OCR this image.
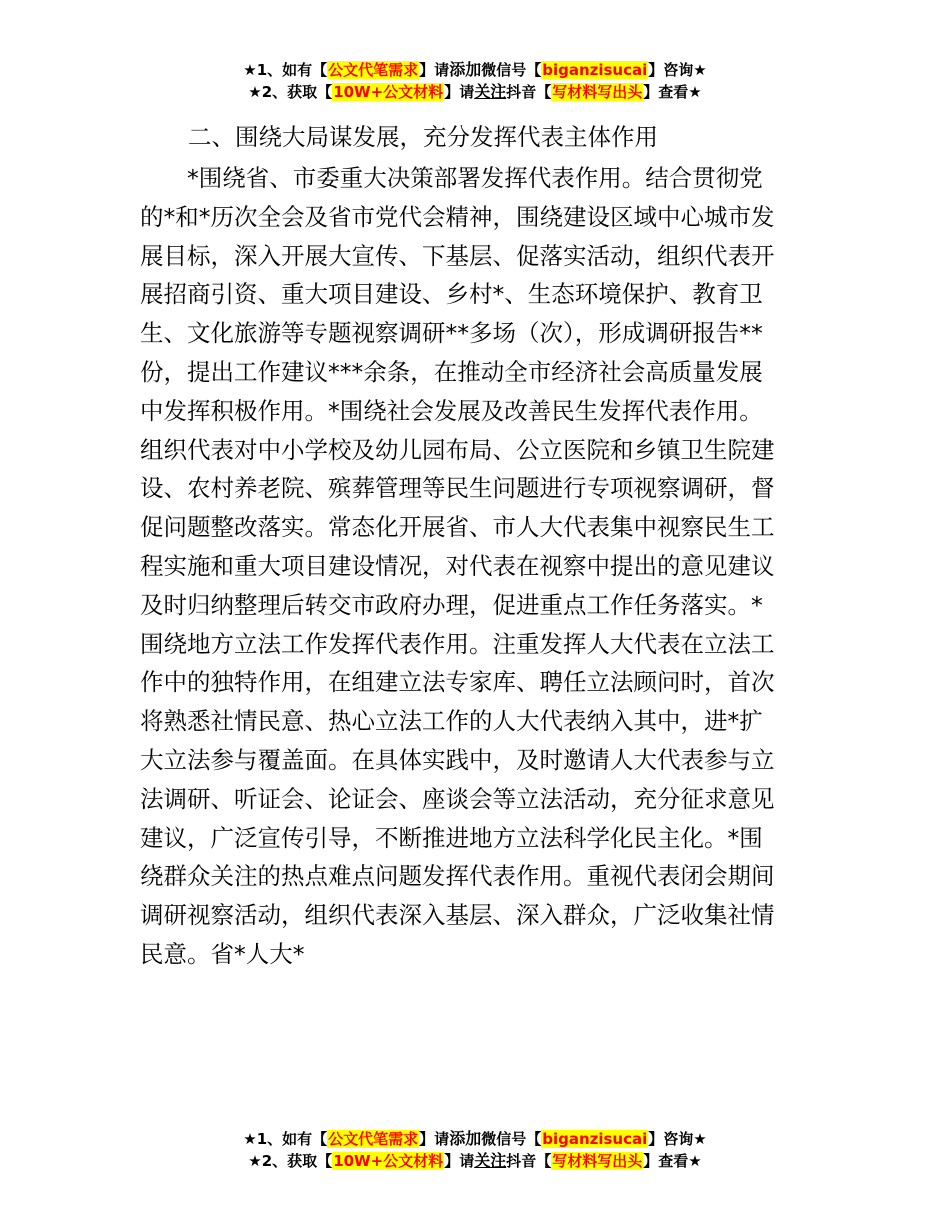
★1、如有【公文代笔需求】请添加微信号【biganzisucai】咨询★
★2、获取【10W+公文材料】请关注抖音【写材料写出头】查看★

二、围绕大局谋发展，充分发挥代表主体作用

*围绕省、市委重大决策部署发挥代表作用。结合贯彻党
的*和*历次全会及省市党代会精神，围绕建设区域中心城市发
展目标，深入开展大宣传、下基层、促落实活动，组织代表开
展招商引资、重大项目建设、乡村*、生态环境保护、教育卫
生、文化旅游等专题视察调研**多场（次），形成调研报告**
份，提出工作建议***余条，在推动全市经济社会高质量发展
中发挥积极作用。*围绕社会发展及改善民生发挥代表作用。
组织代表对中小学校及幼儿园布局、公立医院和乡镇卫生院建
设、农村养老院、殡葬管理等民生问题进行专项视察调研，督
促问题整改落实。常态化开展省、市人大代表集中视察民生工
程实施和重大项目建设情况，对代表在视察中提出的意见建议
及时归纳整理后转交市政府办理，促进重点工作任务落实。*
围绕地方立法工作发挥代表作用。注重发挥人大代表在立法工
作中的独特作用，在组建立法专家库、聘任立法顾问时，首次
将熟悉社情民意、热心立法工作的人大代表纳入其中，进*扩
大立法参与覆盖面。在具体实践中，及时邀请人大代表参与立
法调研、听证会、论证会、座谈会等立法活动，充分征求意见
建议，广泛宣传引导，不断推进地方立法科学化民主化。*围
绕群众关注的热点难点问题发挥代表作用。重视代表闭会期间
调研视察活动，组织代表深入基层、深入群众，广泛收集社情
民意。省*人大*
★1、如有【公文代笔需求】请添加微信号【biganzisucai】咨询★
★2、获取【10W+公文材料】请关注抖音【写材料写出头】查看★
